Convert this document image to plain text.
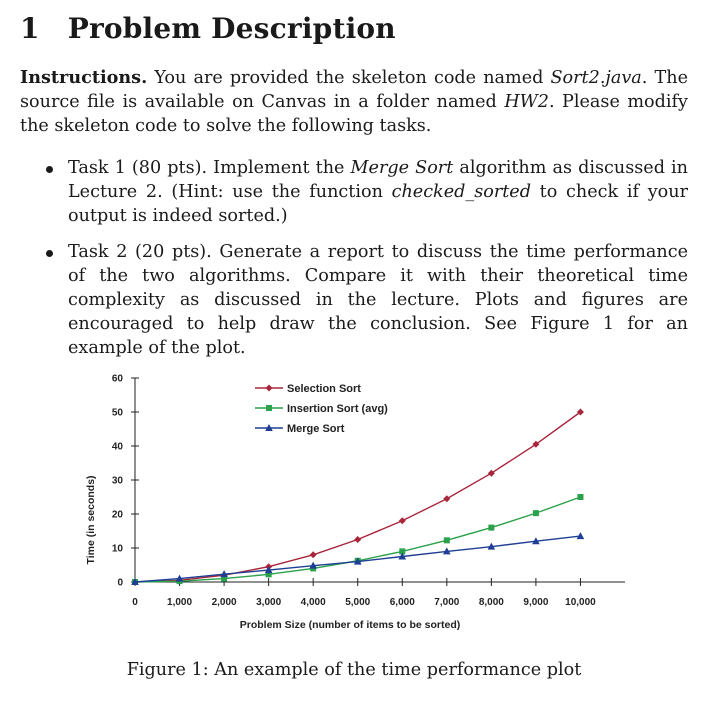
1 Problem Description
Instructions. You are provided the skeleton code named Sort2.java. The source file is available on Canvas in a folder named HW2. Please modify the skeleton code to solve the following tasks.
Task 1 (80 pts). Implement the Merge Sort algorithm as discussed in Lecture 2. (Hint: use the function checked_sorted to check if your output is indeed sorted.)
Task 2 (20 pts). Generate a report to discuss the time performance of the two algorithms. Compare it with their theoretical time complexity as discussed in the lecture. Plots and figures are encouraged to help draw the conclusion. See Figure 1 for an example of the plot.
0
10
20
30
40
50
60
0	1,000 2,000 3,000 4,000 5,000 6,000 7,000 8,000 9,000 10,000
Problem Size (number of items to be sorted)
Time (in seconds)
Selection Sort
Insertion Sort (avg)
Merge Sort
Figure 1: An example of the time performance plot
